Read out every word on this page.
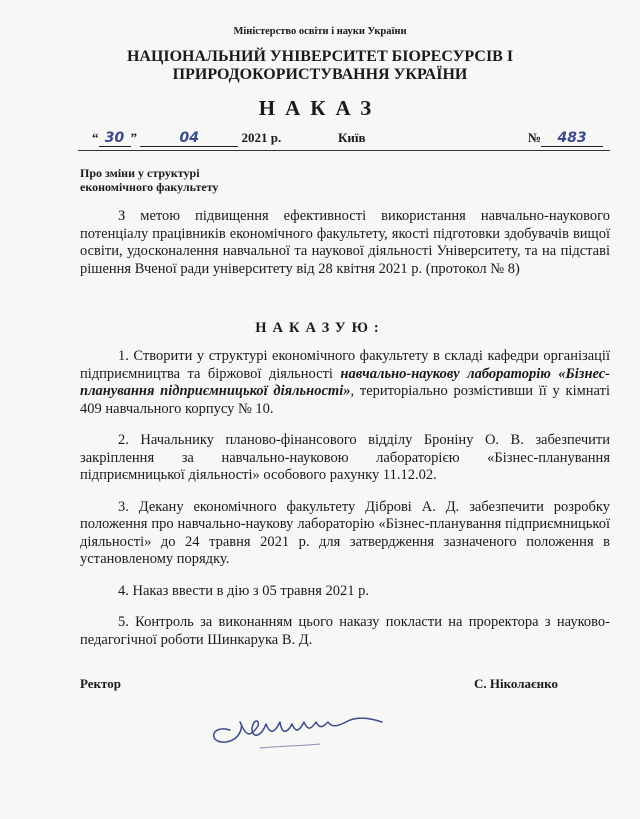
Міністерство освіти і науки України
НАЦІОНАЛЬНИЙ УНІВЕРСИТЕТ БІОРЕСУРСІВ І
ПРИРОДОКОРИСТУВАННЯ УКРАЇНИ
НАКАЗ
“ 30 ”	04	2021 р.	Київ	№ 483
Про зміни у структурі
економічного факультету

З метою підвищення ефективності використання навчально-наукового потенціалу працівників економічного факультету, якості підготовки здобувачів вищої освіти, удосконалення навчальної та наукової діяльності Університету, та на підставі рішення Вченої ради університету від 28 квітня 2021 р. (протокол № 8)

НАКАЗУЮ:

1. Створити у структурі економічного факультету в складі кафедри організації підприємництва та біржової діяльності навчально-наукову лабораторію «Бізнес-планування підприємницької діяльності», територіально розмістивши її у кімнаті 409 навчального корпусу № 10.

2. Начальнику планово-фінансового відділу Броніну О. В. забезпечити закріплення за навчально-науковою лабораторією «Бізнес-планування підприємницької діяльності» особового рахунку 11.12.02.

3. Декану економічного факультету Діброві А. Д. забезпечити розробку положення про навчально-наукову лабораторію «Бізнес-планування підприємницької діяльності» до 24 травня 2021 р. для затвердження зазначеного положення в установленому порядку.

4. Наказ ввести в дію з 05 травня 2021 р.

5. Контроль за виконанням цього наказу покласти на проректора з науково-педагогічної роботи Шинкарука В. Д.

Ректор	С. Ніколаєнко
